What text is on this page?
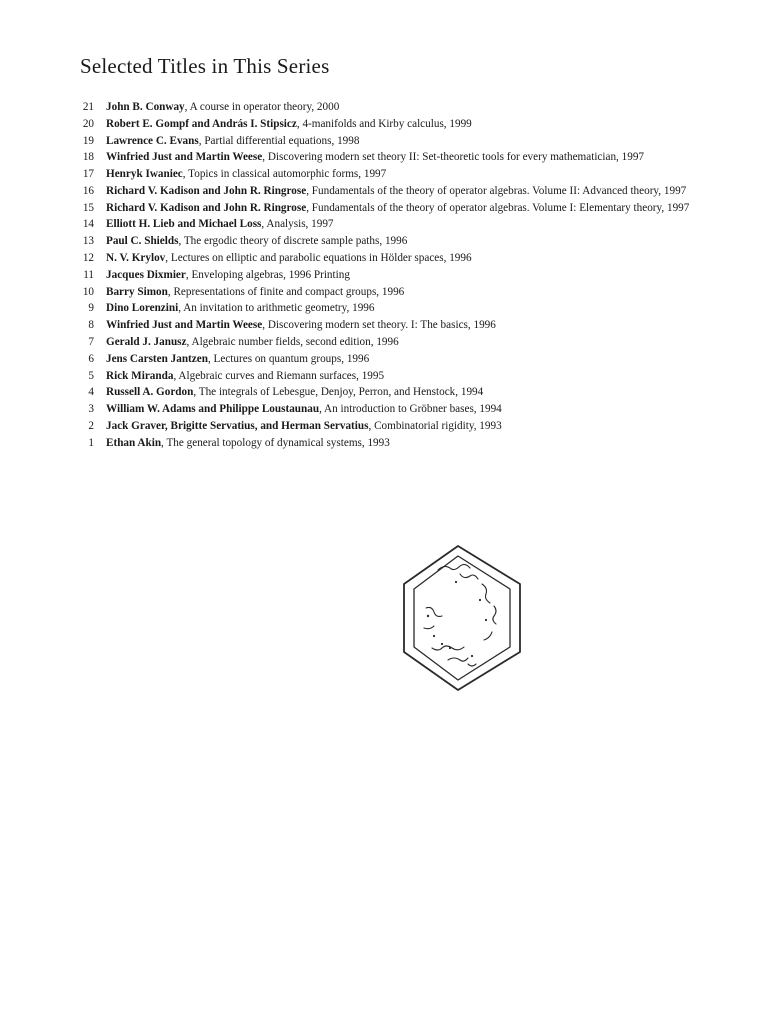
Selected Titles in This Series
21	John B. Conway, A course in operator theory, 2000
20	Robert E. Gompf and András I. Stipsicz, 4-manifolds and Kirby calculus, 1999
19	Lawrence C. Evans, Partial differential equations, 1998
18	Winfried Just and Martin Weese, Discovering modern set theory II: Set-theoretic tools for every mathematician, 1997
17	Henryk Iwaniec, Topics in classical automorphic forms, 1997
16	Richard V. Kadison and John R. Ringrose, Fundamentals of the theory of operator algebras. Volume II: Advanced theory, 1997
15	Richard V. Kadison and John R. Ringrose, Fundamentals of the theory of operator algebras. Volume I: Elementary theory, 1997
14	Elliott H. Lieb and Michael Loss, Analysis, 1997
13	Paul C. Shields, The ergodic theory of discrete sample paths, 1996
12	N. V. Krylov, Lectures on elliptic and parabolic equations in Hölder spaces, 1996
11	Jacques Dixmier, Enveloping algebras, 1996 Printing
10	Barry Simon, Representations of finite and compact groups, 1996
9	Dino Lorenzini, An invitation to arithmetic geometry, 1996
8	Winfried Just and Martin Weese, Discovering modern set theory. I: The basics, 1996
7	Gerald J. Janusz, Algebraic number fields, second edition, 1996
6	Jens Carsten Jantzen, Lectures on quantum groups, 1996
5	Rick Miranda, Algebraic curves and Riemann surfaces, 1995
4	Russell A. Gordon, The integrals of Lebesgue, Denjoy, Perron, and Henstock, 1994
3	William W. Adams and Philippe Loustaunau, An introduction to Gröbner bases, 1994
2	Jack Graver, Brigitte Servatius, and Herman Servatius, Combinatorial rigidity, 1993
1	Ethan Akin, The general topology of dynamical systems, 1993
